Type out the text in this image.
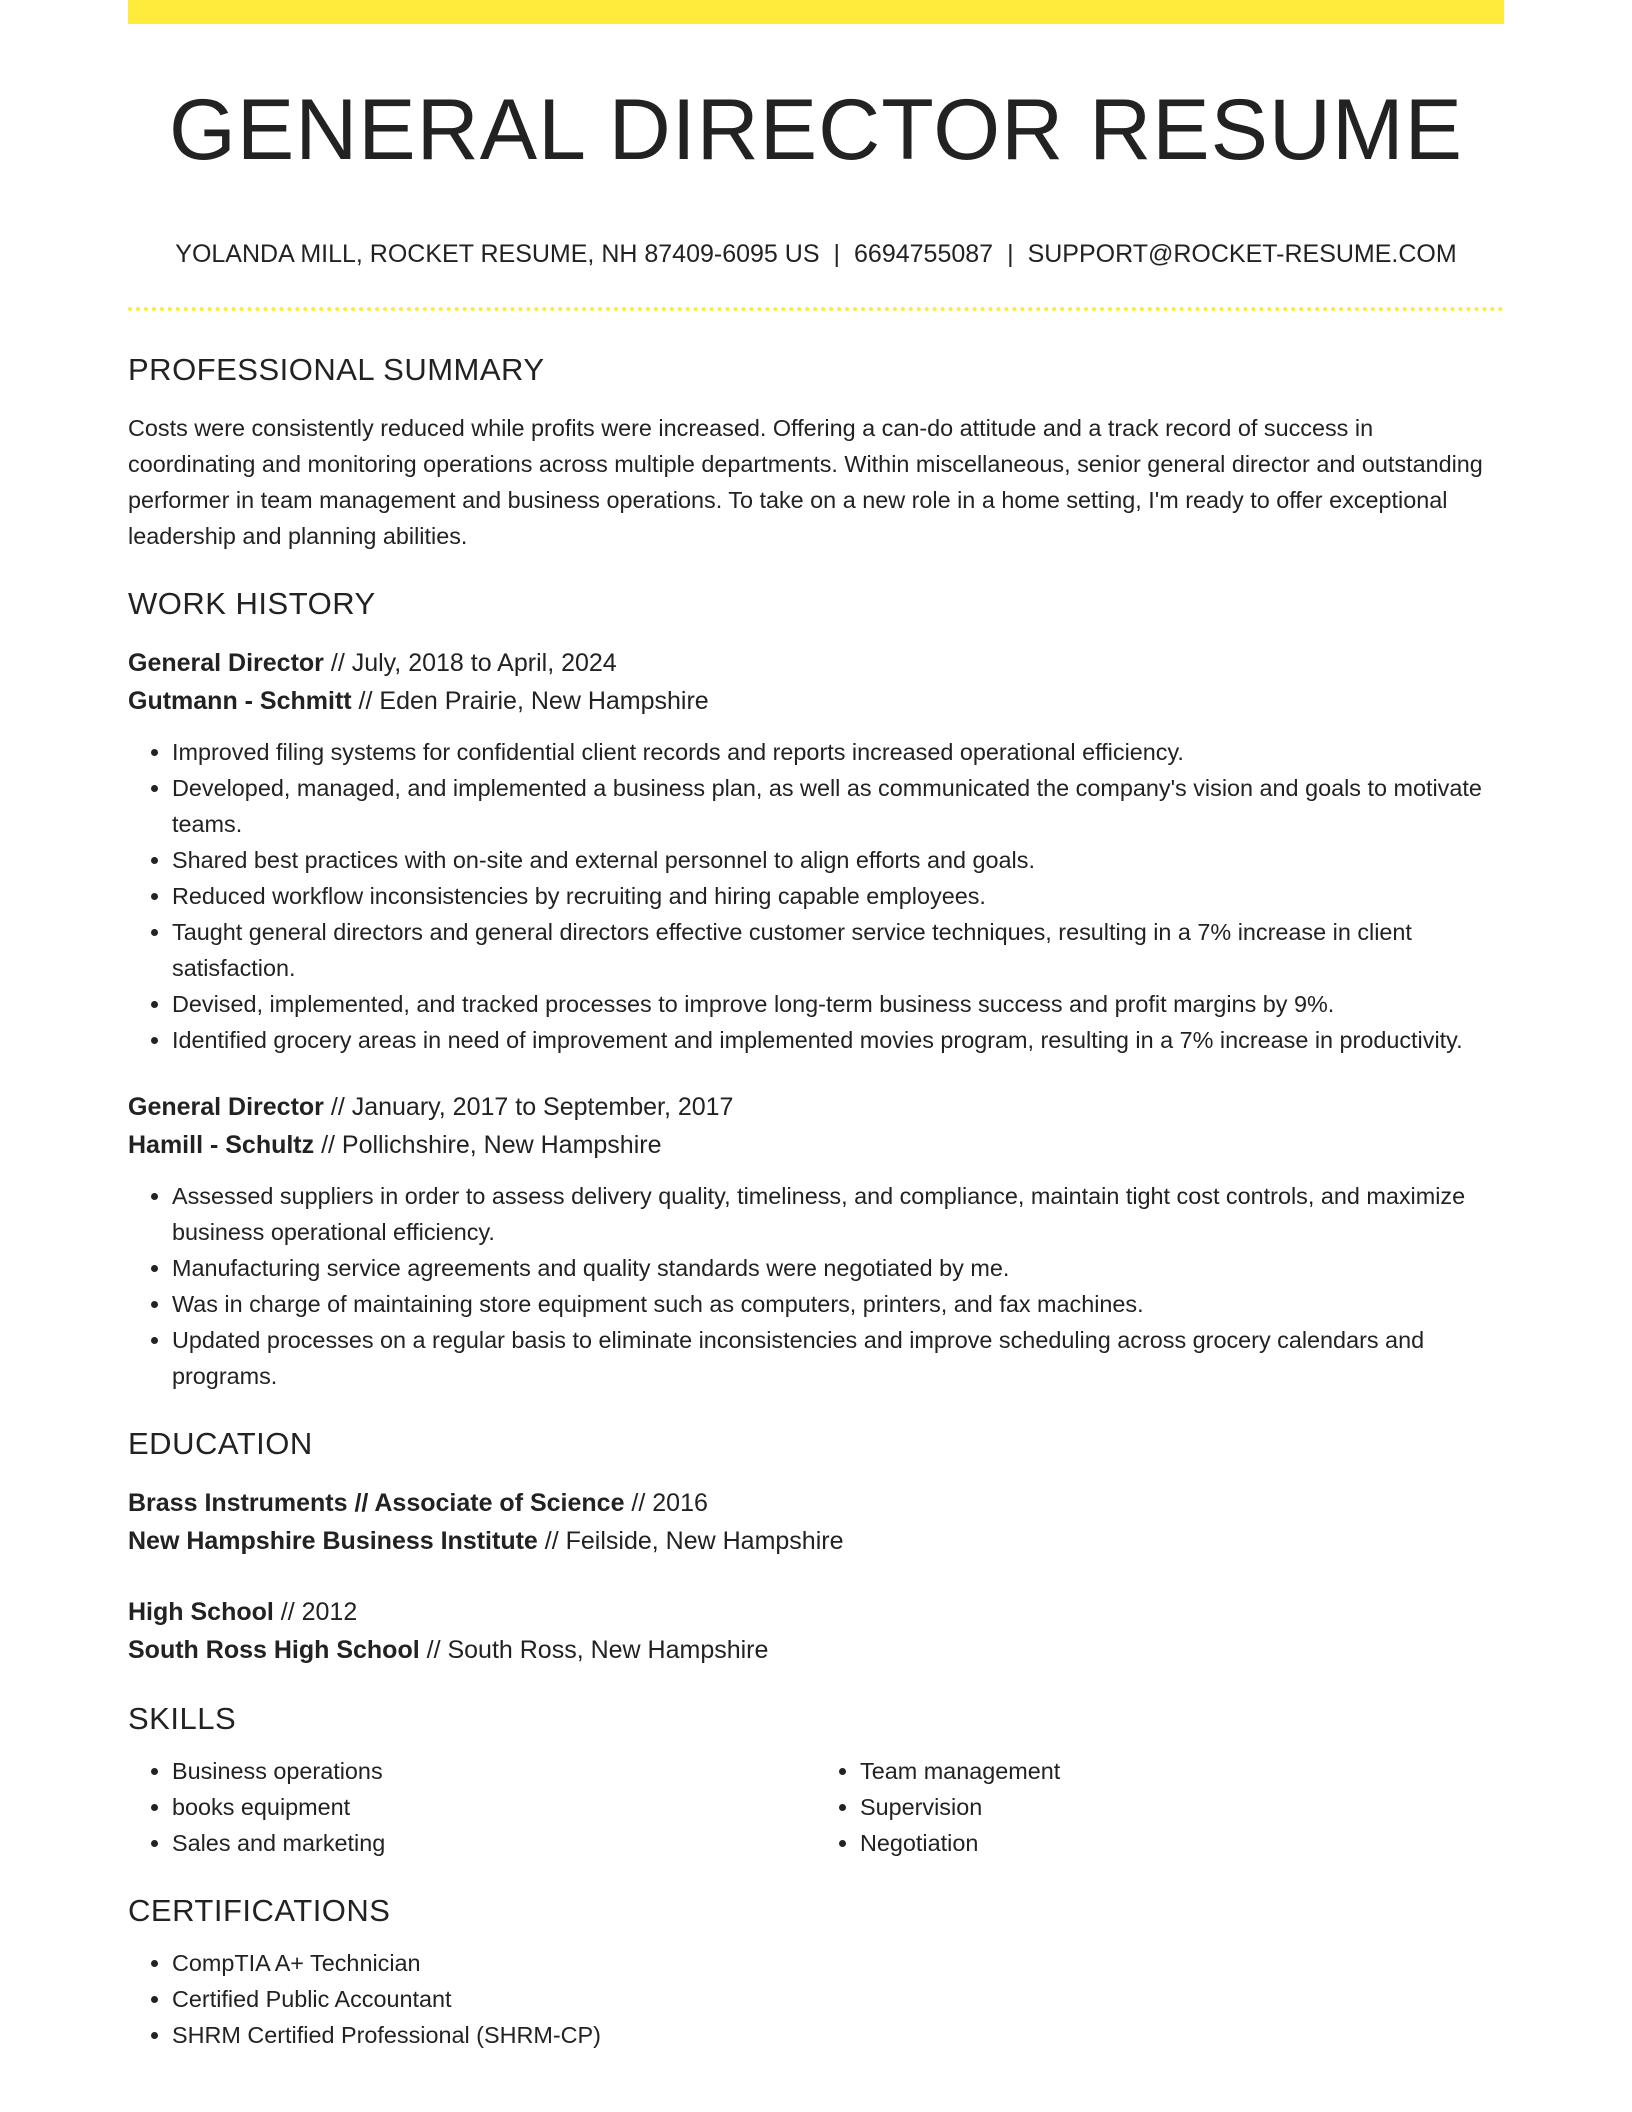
GENERAL DIRECTOR RESUME
YOLANDA MILL, ROCKET RESUME, NH 87409-6095 US | 6694755087 | SUPPORT@ROCKET-RESUME.COM
PROFESSIONAL SUMMARY

Costs were consistently reduced while profits were increased. Offering a can-do attitude and a track record of success in coordinating and monitoring operations across multiple departments. Within miscellaneous, senior general director and outstanding performer in team management and business operations. To take on a new role in a home setting, I'm ready to offer exceptional leadership and planning abilities.

WORK HISTORY
General Director // July, 2018 to April, 2024
Gutmann - Schmitt // Eden Prairie, New Hampshire
• Improved filing systems for confidential client records and reports increased operational efficiency.
• Developed, managed, and implemented a business plan, as well as communicated the company's vision and goals to motivate teams.
• Shared best practices with on-site and external personnel to align efforts and goals.
• Reduced workflow inconsistencies by recruiting and hiring capable employees.
• Taught general directors and general directors effective customer service techniques, resulting in a 7% increase in client satisfaction.
• Devised, implemented, and tracked processes to improve long-term business success and profit margins by 9%.
• Identified grocery areas in need of improvement and implemented movies program, resulting in a 7% increase in productivity.
General Director // January, 2017 to September, 2017
Hamill - Schultz // Pollichshire, New Hampshire
• Assessed suppliers in order to assess delivery quality, timeliness, and compliance, maintain tight cost controls, and maximize business operational efficiency.
• Manufacturing service agreements and quality standards were negotiated by me.
• Was in charge of maintaining store equipment such as computers, printers, and fax machines.
• Updated processes on a regular basis to eliminate inconsistencies and improve scheduling across grocery calendars and programs.
EDUCATION
Brass Instruments // Associate of Science // 2016
New Hampshire Business Institute // Feilside, New Hampshire
High School // 2012
South Ross High School // South Ross, New Hampshire
SKILLS
• Business operations
• books equipment
• Sales and marketing
• Team management
• Supervision
• Negotiation
CERTIFICATIONS
• CompTIA A+ Technician
• Certified Public Accountant
• SHRM Certified Professional (SHRM-CP)
